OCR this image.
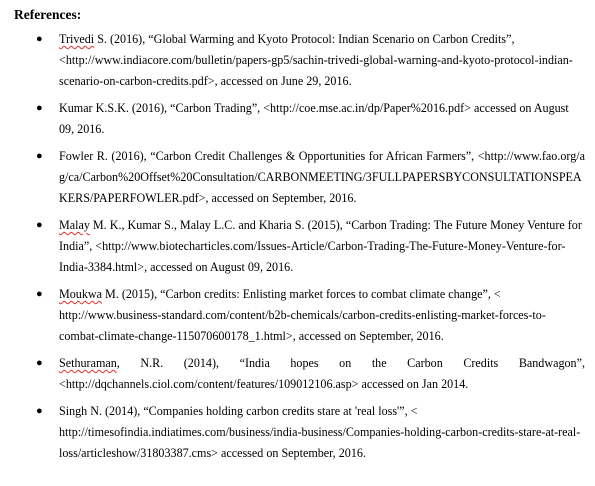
References:
● Trivedi S. (2016), “Global Warming and Kyoto Protocol: Indian Scenario on Carbon Credits”, <http://www.indiacore.com/bulletin/papers-gp5/sachin-trivedi-global-warning-and-kyoto-protocol-indian-scenario-on-carbon-credits.pdf>, accessed on June 29, 2016.
● Kumar K.S.K. (2016), “Carbon Trading”, <http://coe.mse.ac.in/dp/Paper%2016.pdf> accessed on August 09, 2016.
● Fowler R. (2016), “Carbon Credit Challenges & Opportunities for African Farmers”, <http://www.fao.org/ag/ca/Carbon%20Offset%20Consultation/CARBONMEETING/3FULLPAPERSBYCONSULTATIONSPEAKERS/PAPERFOWLER.pdf>, accessed on September, 2016.
● Malay M. K., Kumar S., Malay L.C. and Kharia S. (2015), “Carbon Trading: The Future Money Venture for India”, <http://www.biotecharticles.com/Issues-Article/Carbon-Trading-The-Future-Money-Venture-for-India-3384.html>, accessed on August 09, 2016.
● Moukwa M. (2015), “Carbon credits: Enlisting market forces to combat climate change”, < http://www.business-standard.com/content/b2b-chemicals/carbon-credits-enlisting-market-forces-to-combat-climate-change-115070600178_1.html>, accessed on September, 2016.
● Sethuraman, N.R. (2014), “India hopes on the Carbon Credits Bandwagon”, <http://dqchannels.ciol.com/content/features/109012106.asp> accessed on Jan 2014.
● Singh N. (2014), “Companies holding carbon credits stare at 'real loss'”, < http://timesofindia.indiatimes.com/business/india-business/Companies-holding-carbon-credits-stare-at-real-loss/articleshow/31803387.cms> accessed on September, 2016.
